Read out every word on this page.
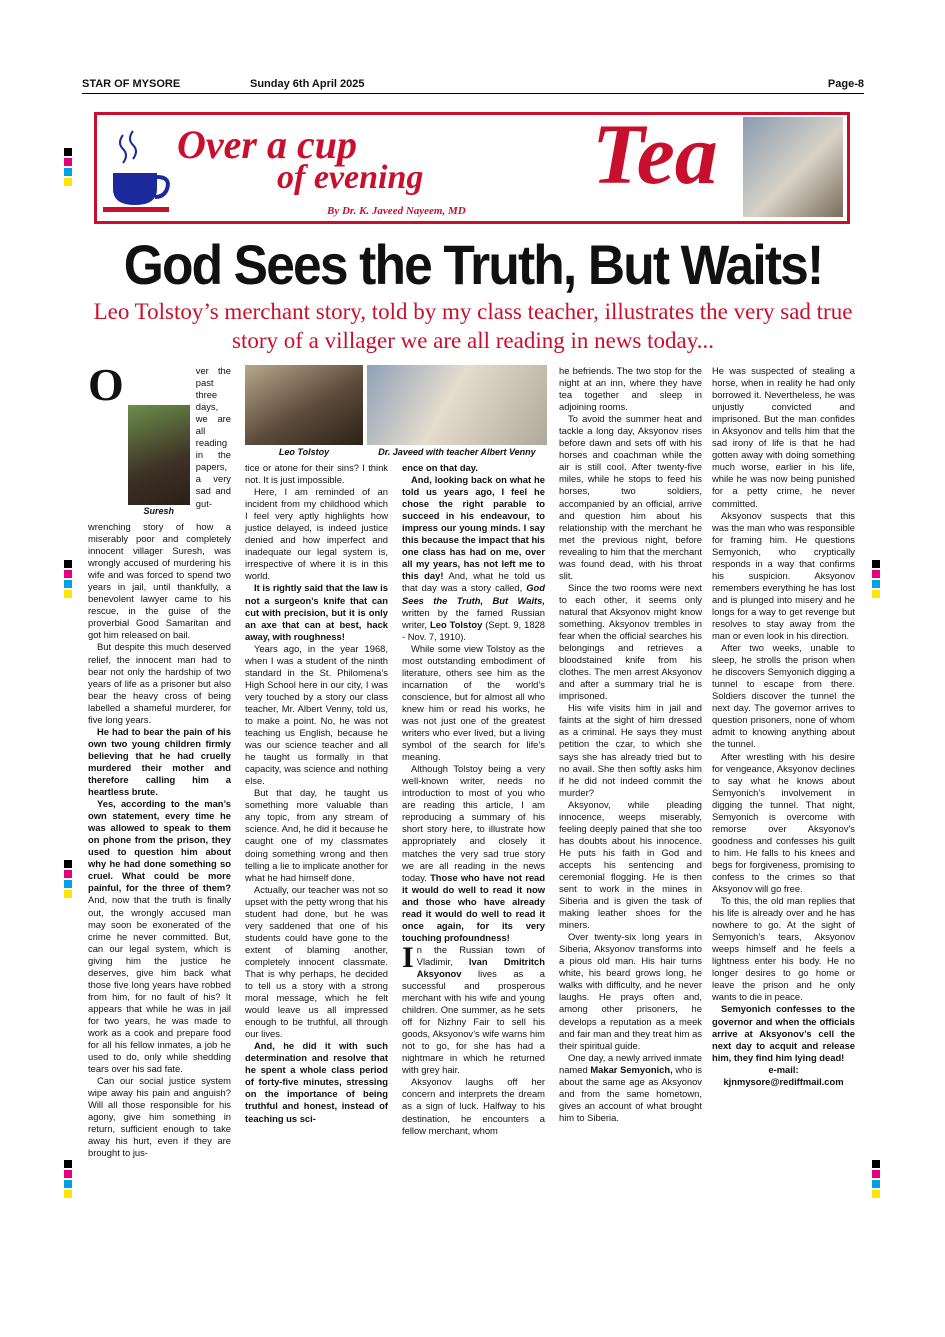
STAR OF MYSORE	Sunday 6th April 2025	Page-8
Over a cup
of evening Tea
By Dr. K. Javeed Nayeem, MD
God Sees the Truth, But Waits!
Leo Tolstoy’s merchant story, told by my class teacher, illustrates the very sad true story of a villager we are all reading in news today...
Leo Tolstoy	Dr. Javeed with teacher Albert Venny

O
Suresh
ver the past three days, we are all reading in the papers, a very sad and gut-wrenching story of how a miserably poor and completely innocent villager Suresh, was wrongly accused of murdering his wife and was forced to spend two years in jail, until thankfully, a benevolent lawyer came to his rescue, in the guise of the proverbial Good Samaritan and got him released on bail.

But despite this much deserved relief, the innocent man had to bear not only the hardship of two years of life as a prisoner but also bear the heavy cross of being labelled a shameful murderer, for five long years.

He had to bear the pain of his own two young children firmly believing that he had cruelly murdered their mother and therefore calling him a heartless brute.

Yes, according to the man’s own statement, every time he was allowed to speak to them on phone from the prison, they used to question him about why he had done something so cruel. What could be more painful, for the three of them? And, now that the truth is finally out, the wrongly accused man may soon be exonerated of the crime he never committed. But, can our legal system, which is giving him the justice he deserves, give him back what those five long years have robbed from him, for no fault of his? It appears that while he was in jail for two years, he was made to work as a cook and prepare food for all his fellow inmates, a job he used to do, only while shedding tears over his sad fate.

Can our social justice system wipe away his pain and anguish? Will all those responsible for his agony, give him something in return, sufficient enough to take away his hurt, even if they are brought to jus-

tice or atone for their sins? I think not. It is just impossible.

Here, I am reminded of an incident from my childhood which I feel very aptly highlights how justice delayed, is indeed justice denied and how imperfect and inadequate our legal system is, irrespective of where it is in this world.

It is rightly said that the law is not a surgeon’s knife that can cut with precision, but it is only an axe that can at best, hack away, with roughness!

Years ago, in the year 1968, when I was a student of the ninth standard in the St. Philomena’s High School here in our city, I was very touched by a story our class teacher, Mr. Albert Venny, told us, to make a point. No, he was not teaching us English, because he was our science teacher and all he taught us formally in that capacity, was science and nothing else.

But that day, he taught us something more valuable than any topic, from any stream of science. And, he did it because he caught one of my classmates doing something wrong and then telling a lie to implicate another for what he had himself done.

Actually, our teacher was not so upset with the petty wrong that his student had done, but he was very saddened that one of his students could have gone to the extent of blaming another, completely innocent classmate. That is why perhaps, he decided to tell us a story with a strong moral message, which he felt would leave us all impressed enough to be truthful, all through our lives.

And, he did it with such determination and resolve that he spent a whole class period of forty-five minutes, stressing on the importance of being truthful and honest, instead of teaching us sci-

ence on that day.

And, looking back on what he told us years ago, I feel he chose the right parable to succeed in his endeavour, to impress our young minds. I say this because the impact that his one class has had on me, over all my years, has not left me to this day! And, what he told us that day was a story called, God Sees the Truth, But Waits, written by the famed Russian writer, Leo Tolstoy (Sept. 9, 1828 - Nov. 7, 1910).

While some view Tolstoy as the most outstanding embodiment of literature, others see him as the incarnation of the world’s conscience, but for almost all who knew him or read his works, he was not just one of the greatest writers who ever lived, but a living symbol of the search for life’s meaning.

Although Tolstoy being a very well-known writer, needs no introduction to most of you who are reading this article, I am reproducing a summary of his short story here, to illustrate how appropriately and closely it matches the very sad true story we are all reading in the news today. Those who have not read it would do well to read it now and those who have already read it would do well to read it once again, for its very touching profoundness!

In the Russian town of Vladimir, Ivan Dmitritch Aksyonov lives as a successful and prosperous merchant with his wife and young children. One summer, as he sets off for Nizhny Fair to sell his goods, Aksyonov’s wife warns him not to go, for she has had a nightmare in which he returned with grey hair.

Aksyonov laughs off her concern and interprets the dream as a sign of luck. Halfway to his destination, he encounters a fellow merchant, whom

he befriends. The two stop for the night at an inn, where they have tea together and sleep in adjoining rooms.

To avoid the summer heat and tackle a long day, Aksyonov rises before dawn and sets off with his horses and coachman while the air is still cool. After twenty-five miles, while he stops to feed his horses, two soldiers, accompanied by an official, arrive and question him about his relationship with the merchant he met the previous night, before revealing to him that the merchant was found dead, with his throat slit.

Since the two rooms were next to each other, it seems only natural that Aksyonov might know something. Aksyonov trembles in fear when the official searches his belongings and retrieves a bloodstained knife from his clothes. The men arrest Aksyonov and after a summary trial he is imprisoned.

His wife visits him in jail and faints at the sight of him dressed as a criminal. He says they must petition the czar, to which she says she has already tried but to no avail. She then softly asks him if he did not indeed commit the murder?

Aksyonov, while pleading innocence, weeps miserably, feeling deeply pained that she too has doubts about his innocence. He puts his faith in God and accepts his sentencing and ceremonial flogging. He is then sent to work in the mines in Siberia and is given the task of making leather shoes for the miners.

Over twenty-six long years in Siberia, Aksyonov transforms into a pious old man. His hair turns white, his beard grows long, he walks with difficulty, and he never laughs. He prays often and, among other prisoners, he develops a reputation as a meek and fair man and they treat him as their spiritual guide.

One day, a newly arrived inmate named Makar Semyonich, who is about the same age as Aksyonov and from the same hometown, gives an account of what brought him to Siberia.

He was suspected of stealing a horse, when in reality he had only borrowed it. Nevertheless, he was unjustly convicted and imprisoned. But the man confides in Aksyonov and tells him that the sad irony of life is that he had gotten away with doing something much worse, earlier in his life, while he was now being punished for a petty crime, he never committed.

Aksyonov suspects that this was the man who was responsible for framing him. He questions Semyonich, who cryptically responds in a way that confirms his suspicion. Aksyonov remembers everything he has lost and is plunged into misery and he longs for a way to get revenge but resolves to stay away from the man or even look in his direction.

After two weeks, unable to sleep, he strolls the prison when he discovers Semyonich digging a tunnel to escape from there. Soldiers discover the tunnel the next day. The governor arrives to question prisoners, none of whom admit to knowing anything about the tunnel.

After wrestling with his desire for vengeance, Aksyonov declines to say what he knows about Semyonich’s involvement in digging the tunnel. That night, Semyonich is overcome with remorse over Aksyonov’s goodness and confesses his guilt to him. He falls to his knees and begs for forgiveness, promising to confess to the crimes so that Aksyonov will go free.

To this, the old man replies that his life is already over and he has nowhere to go. At the sight of Semyonich’s tears, Aksyonov weeps himself and he feels a lightness enter his body. He no longer desires to go home or leave the prison and he only wants to die in peace.

Semyonich confesses to the governor and when the officials arrive at Aksyonov’s cell the next day to acquit and release him, they find him lying dead!

e-mail:

kjnmysore@rediffmail.com
